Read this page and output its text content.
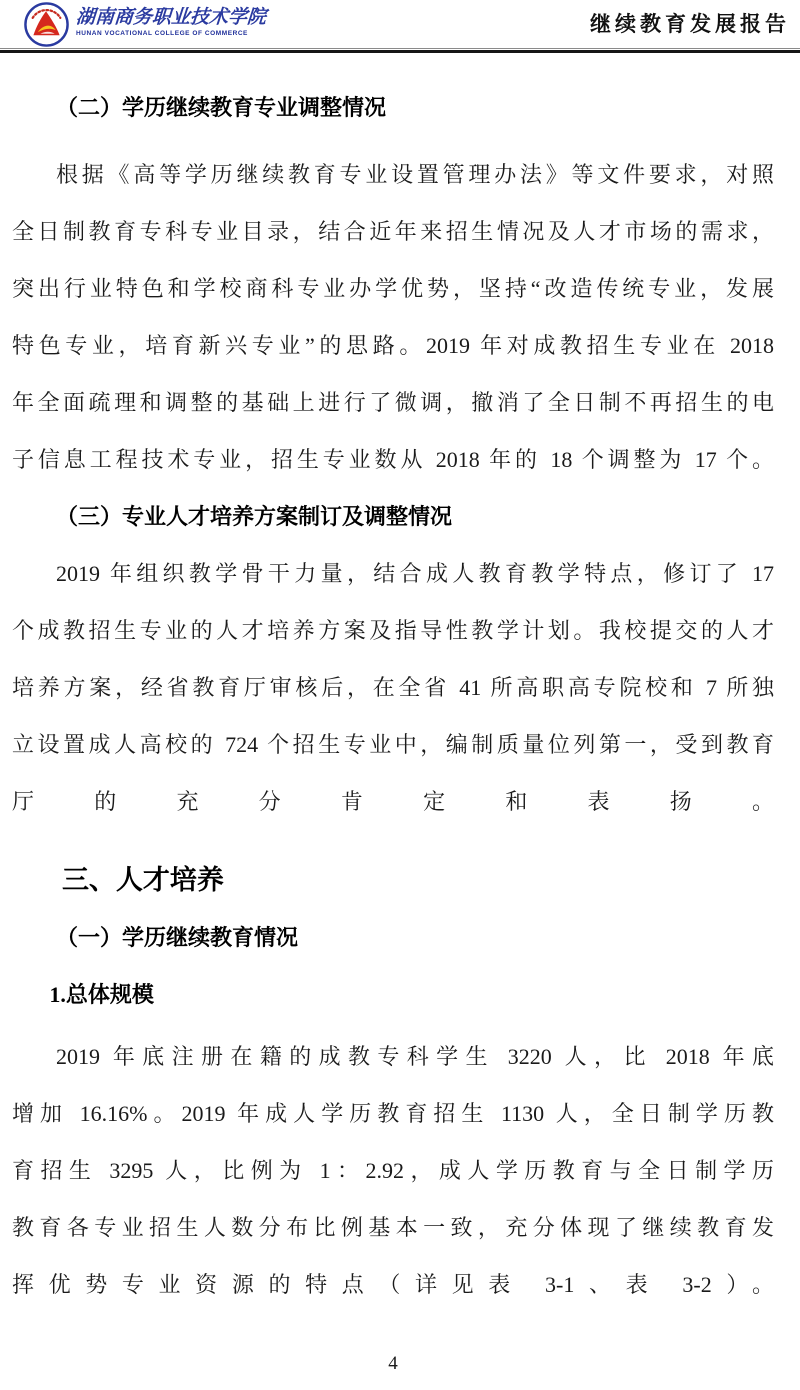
湖南商务职业技术学院
HUNAN VOCATIONAL COLLEGE OF COMMERCE	继续教育发展报告
（二）学历继续教育专业调整情况
根据《高等学历继续教育专业设置管理办法》等文件要求，对照
全日制教育专科专业目录，结合近年来招生情况及人才市场的需求，
突出行业特色和学校商科专业办学优势，坚持“改造传统专业，发展
特色专业，培育新兴专业”的思路。2019 年对成教招生专业在 2018
年全面疏理和调整的基础上进行了微调，撤消了全日制不再招生的电
子信息工程技术专业，招生专业数从 2018 年的 18 个调整为 17 个。
（三）专业人才培养方案制订及调整情况
2019 年组织教学骨干力量，结合成人教育教学特点，修订了 17
个成教招生专业的人才培养方案及指导性教学计划。我校提交的人才
培养方案，经省教育厅审核后，在全省 41 所高职高专院校和 7 所独
立设置成人高校的 724 个招生专业中，编制质量位列第一，受到教育
厅的充分肯定和表扬。
三、人才培养
（一）学历继续教育情况
1.总体规模
2019 年底注册在籍的成教专科学生 3220 人，比 2018 年底
增加 16.16%。2019 年成人学历教育招生 1130 人，全日制学历教
育招生 3295 人，比例为 1：2.92，成人学历教育与全日制学历
教育各专业招生人数分布比例基本一致，充分体现了继续教育发
挥优势专业资源的特点（详见表 3-1、表 3-2）。
4
